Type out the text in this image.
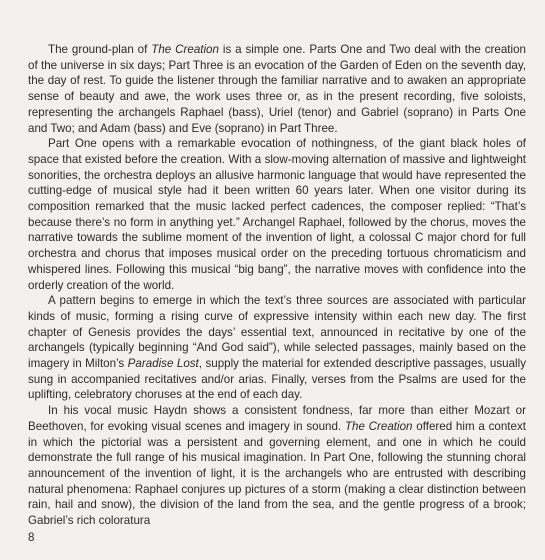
The ground-plan of The Creation is a simple one. Parts One and Two deal with the creation of the universe in six days; Part Three is an evocation of the Garden of Eden on the seventh day, the day of rest. To guide the listener through the familiar narrative and to awaken an appropriate sense of beauty and awe, the work uses three or, as in the present recording, five soloists, representing the archangels Raphael (bass), Uriel (tenor) and Gabriel (soprano) in Parts One and Two; and Adam (bass) and Eve (soprano) in Part Three.

Part One opens with a remarkable evocation of nothingness, of the giant black holes of space that existed before the creation. With a slow-moving alternation of massive and lightweight sonorities, the orchestra deploys an allusive harmonic language that would have represented the cutting-edge of musical style had it been written 60 years later. When one visitor during its composition remarked that the music lacked perfect cadences, the composer replied: “That’s because there’s no form in anything yet.” Archangel Raphael, followed by the chorus, moves the narrative towards the sublime moment of the invention of light, a colossal C major chord for full orchestra and chorus that imposes musical order on the preceding tortuous chromaticism and whispered lines. Following this musical “big bang”, the narrative moves with confidence into the orderly creation of the world.

A pattern begins to emerge in which the text’s three sources are associated with particular kinds of music, forming a rising curve of expressive intensity within each new day. The first chapter of Genesis provides the days’ essential text, announced in recitative by one of the archangels (typically beginning “And God said”), while selected passages, mainly based on the imagery in Milton’s Paradise Lost, supply the material for extended descriptive passages, usually sung in accompanied recitatives and/or arias. Finally, verses from the Psalms are used for the uplifting, celebratory choruses at the end of each day.

In his vocal music Haydn shows a consistent fondness, far more than either Mozart or Beethoven, for evoking visual scenes and imagery in sound. The Creation offered him a context in which the pictorial was a persistent and governing element, and one in which he could demonstrate the full range of his musical imagination. In Part One, following the stunning choral announcement of the invention of light, it is the archangels who are entrusted with describing natural phenomena: Raphael conjures up pictures of a storm (making a clear distinction between rain, hail and snow), the division of the land from the sea, and the gentle progress of a brook; Gabriel’s rich coloratura

8
